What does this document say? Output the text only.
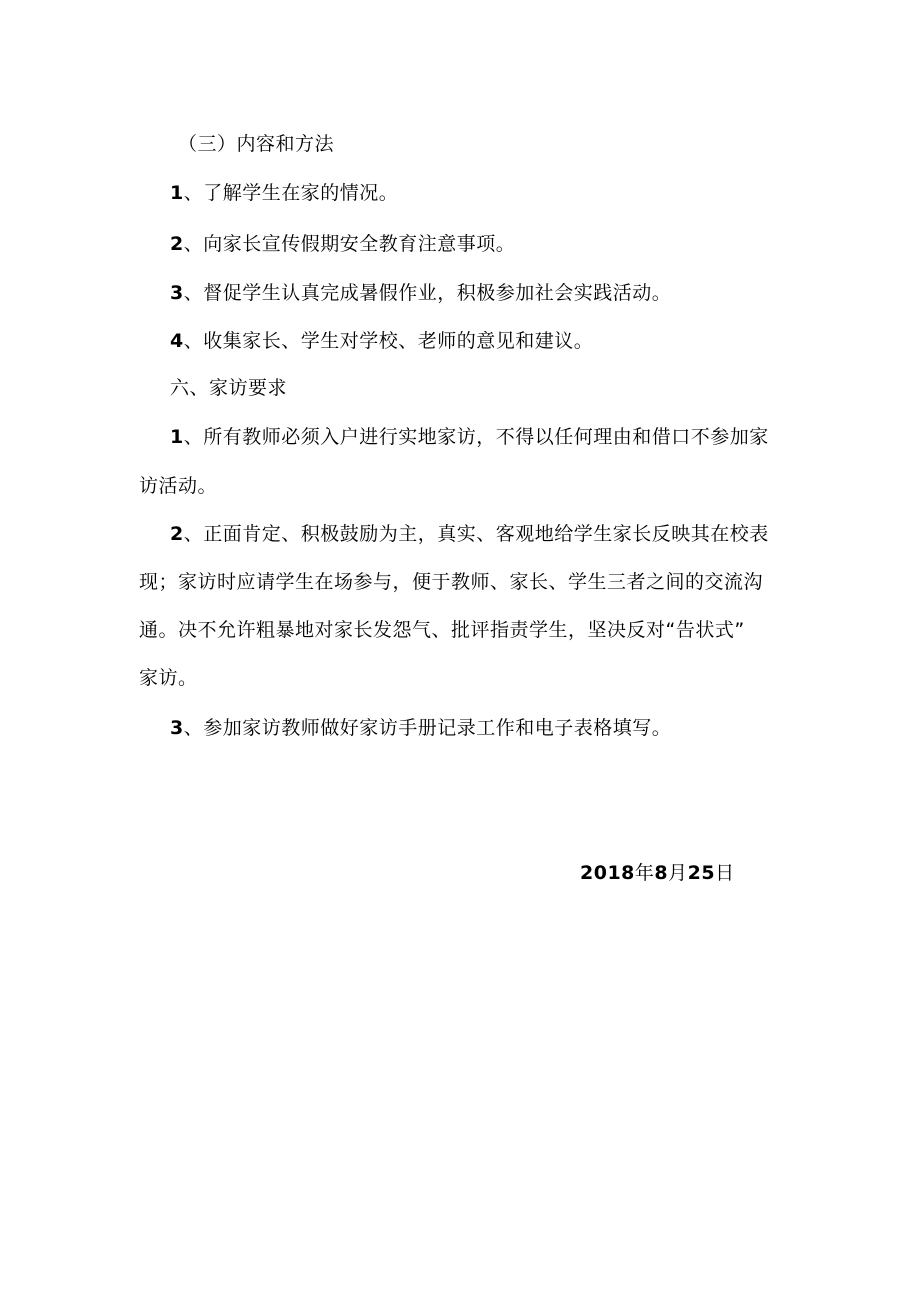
（三）内容和方法
1、了解学生在家的情况。
2、向家长宣传假期安全教育注意事项。
3、督促学生认真完成暑假作业，积极参加社会实践活动。
4、收集家长、学生对学校、老师的意见和建议。
六、家访要求
1、所有教师必须入户进行实地家访，不得以任何理由和借口不参加家
访活动。
2、正面肯定、积极鼓励为主，真实、客观地给学生家长反映其在校表
现；家访时应请学生在场参与，便于教师、家长、学生三者之间的交流沟
通。决不允许粗暴地对家长发怨气、批评指责学生，坚决反对“告状式”
家访。
3、参加家访教师做好家访手册记录工作和电子表格填写。
2018年8月25日
